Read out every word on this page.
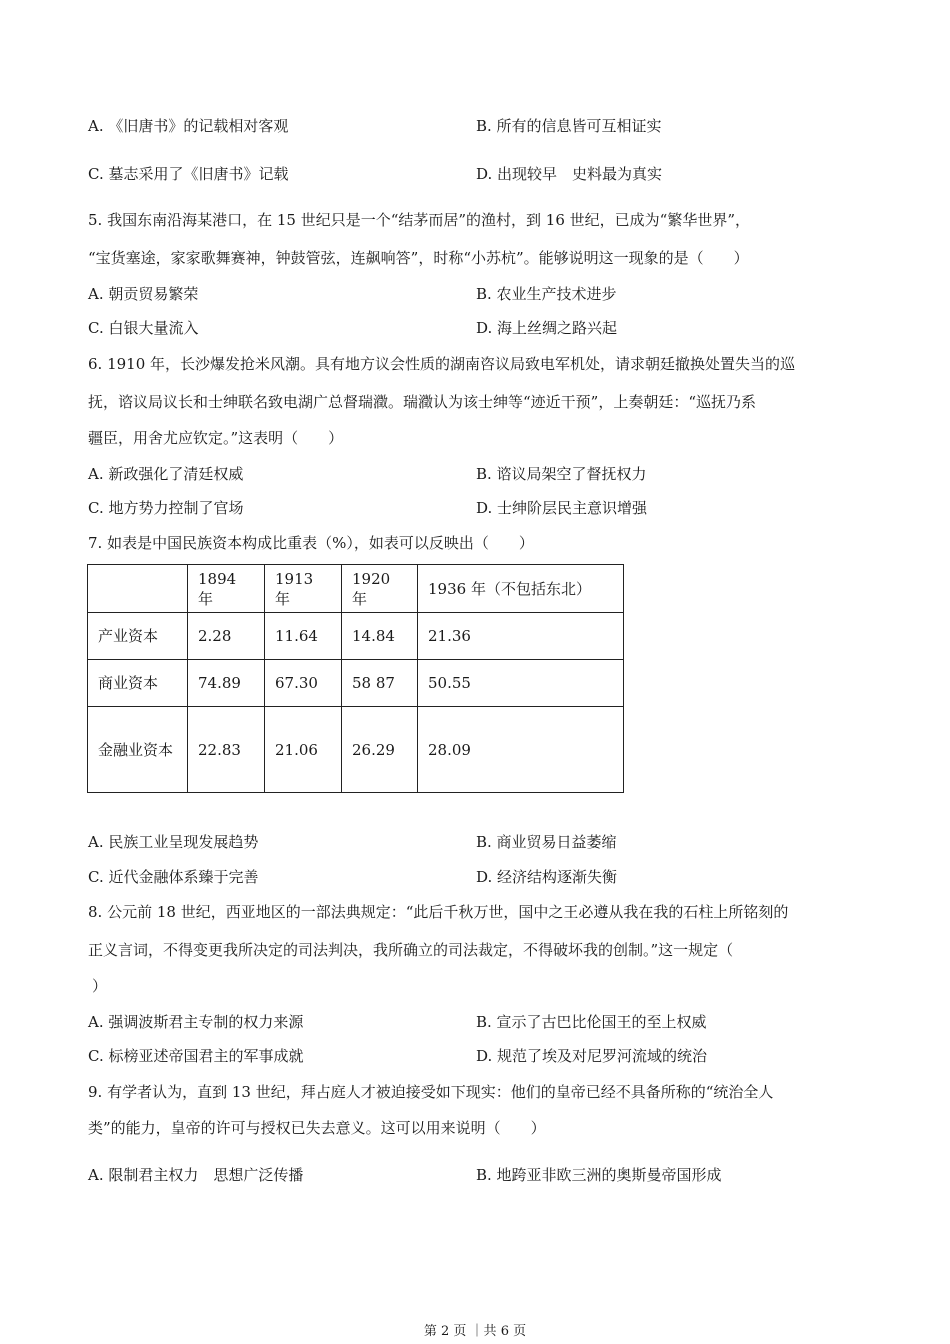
A. 《旧唐书》的记载相对客观	B. 所有的信息皆可互相证实
C. 墓志采用了《旧唐书》记载	D. 出现较早　史料最为真实
5. 我国东南沿海某港口，在 15 世纪只是一个“结茅而居”的渔村，到 16 世纪，已成为“繁华世界”，
“宝货塞途，家家歌舞赛神，钟鼓管弦，连飙响答”，时称“小苏杭”。能够说明这一现象的是（　　）
A. 朝贡贸易繁荣	B. 农业生产技术进步
C. 白银大量流入	D. 海上丝绸之路兴起
6. 1910 年，长沙爆发抢米风潮。具有地方议会性质的湖南咨议局致电军机处，请求朝廷撤换处置失当的巡
抚，谘议局议长和士绅联名致电湖广总督瑞瀓。瑞瀓认为该士绅等“迹近干预”，上奏朝廷：“巡抚乃系
疆臣，用舍尤应钦定。”这表明（　　）
A. 新政强化了清廷权威	B. 谘议局架空了督抚权力
C. 地方势力控制了官场	D. 士绅阶层民主意识增强
7. 如表是中国民族资本构成比重表（%），如表可以反映出（　　）
	1894 年	1913 年	1920 年	1936 年（不包括东北）
产业资本	2.28	11.64	14.84	21.36
商业资本	74.89	67.30	58 87	50.55
金融业资本	22.83	21.06	26.29	28.09
A. 民族工业呈现发展趋势	B. 商业贸易日益萎缩
C. 近代金融体系臻于完善	D. 经济结构逐渐失衡
8. 公元前 18 世纪，西亚地区的一部法典规定：“此后千秋万世，国中之王必遵从我在我的石柱上所铭刻的
正义言词，不得变更我所决定的司法判决，我所确立的司法裁定，不得破坏我的创制。”这一规定（
）
A. 强调波斯君主专制的权力来源	B. 宣示了古巴比伦国王的至上权威
C. 标榜亚述帝国君主的军事成就	D. 规范了埃及对尼罗河流域的统治
9. 有学者认为，直到 13 世纪，拜占庭人才被迫接受如下现实：他们的皇帝已经不具备所称的“统治全人
类”的能力，皇帝的许可与授权已失去意义。这可以用来说明（　　）
A. 限制君主权力　思想广泛传播	B. 地跨亚非欧三洲的奥斯曼帝国形成
第 2 页 ｜共 6 页
